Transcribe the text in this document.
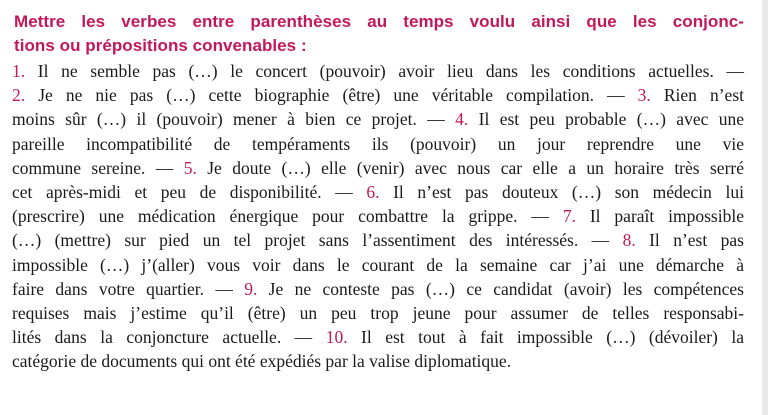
Mettre les verbes entre parenthèses au temps voulu ainsi que les conjonc-
tions ou prépositions convenables :
1. Il ne semble pas (…) le concert (pouvoir) avoir lieu dans les conditions actuelles. —
2. Je ne nie pas (…) cette biographie (être) une véritable compilation. — 3. Rien n’est
moins sûr (…) il (pouvoir) mener à bien ce projet. — 4. Il est peu probable (…) avec une
pareille incompatibilité de tempéraments ils (pouvoir) un jour reprendre une vie
commune sereine. — 5. Je doute (…) elle (venir) avec nous car elle a un horaire très serré
cet après-midi et peu de disponibilité. — 6. Il n’est pas douteux (…) son médecin lui
(prescrire) une médication énergique pour combattre la grippe. — 7. Il paraît impossible
(…) (mettre) sur pied un tel projet sans l’assentiment des intéressés. — 8. Il n’est pas
impossible (…) j’(aller) vous voir dans le courant de la semaine car j’ai une démarche à
faire dans votre quartier. — 9. Je ne conteste pas (…) ce candidat (avoir) les compétences
requises mais j’estime qu’il (être) un peu trop jeune pour assumer de telles responsabi-
lités dans la conjoncture actuelle. — 10. Il est tout à fait impossible (…) (dévoiler) la
catégorie de documents qui ont été expédiés par la valise diplomatique.
